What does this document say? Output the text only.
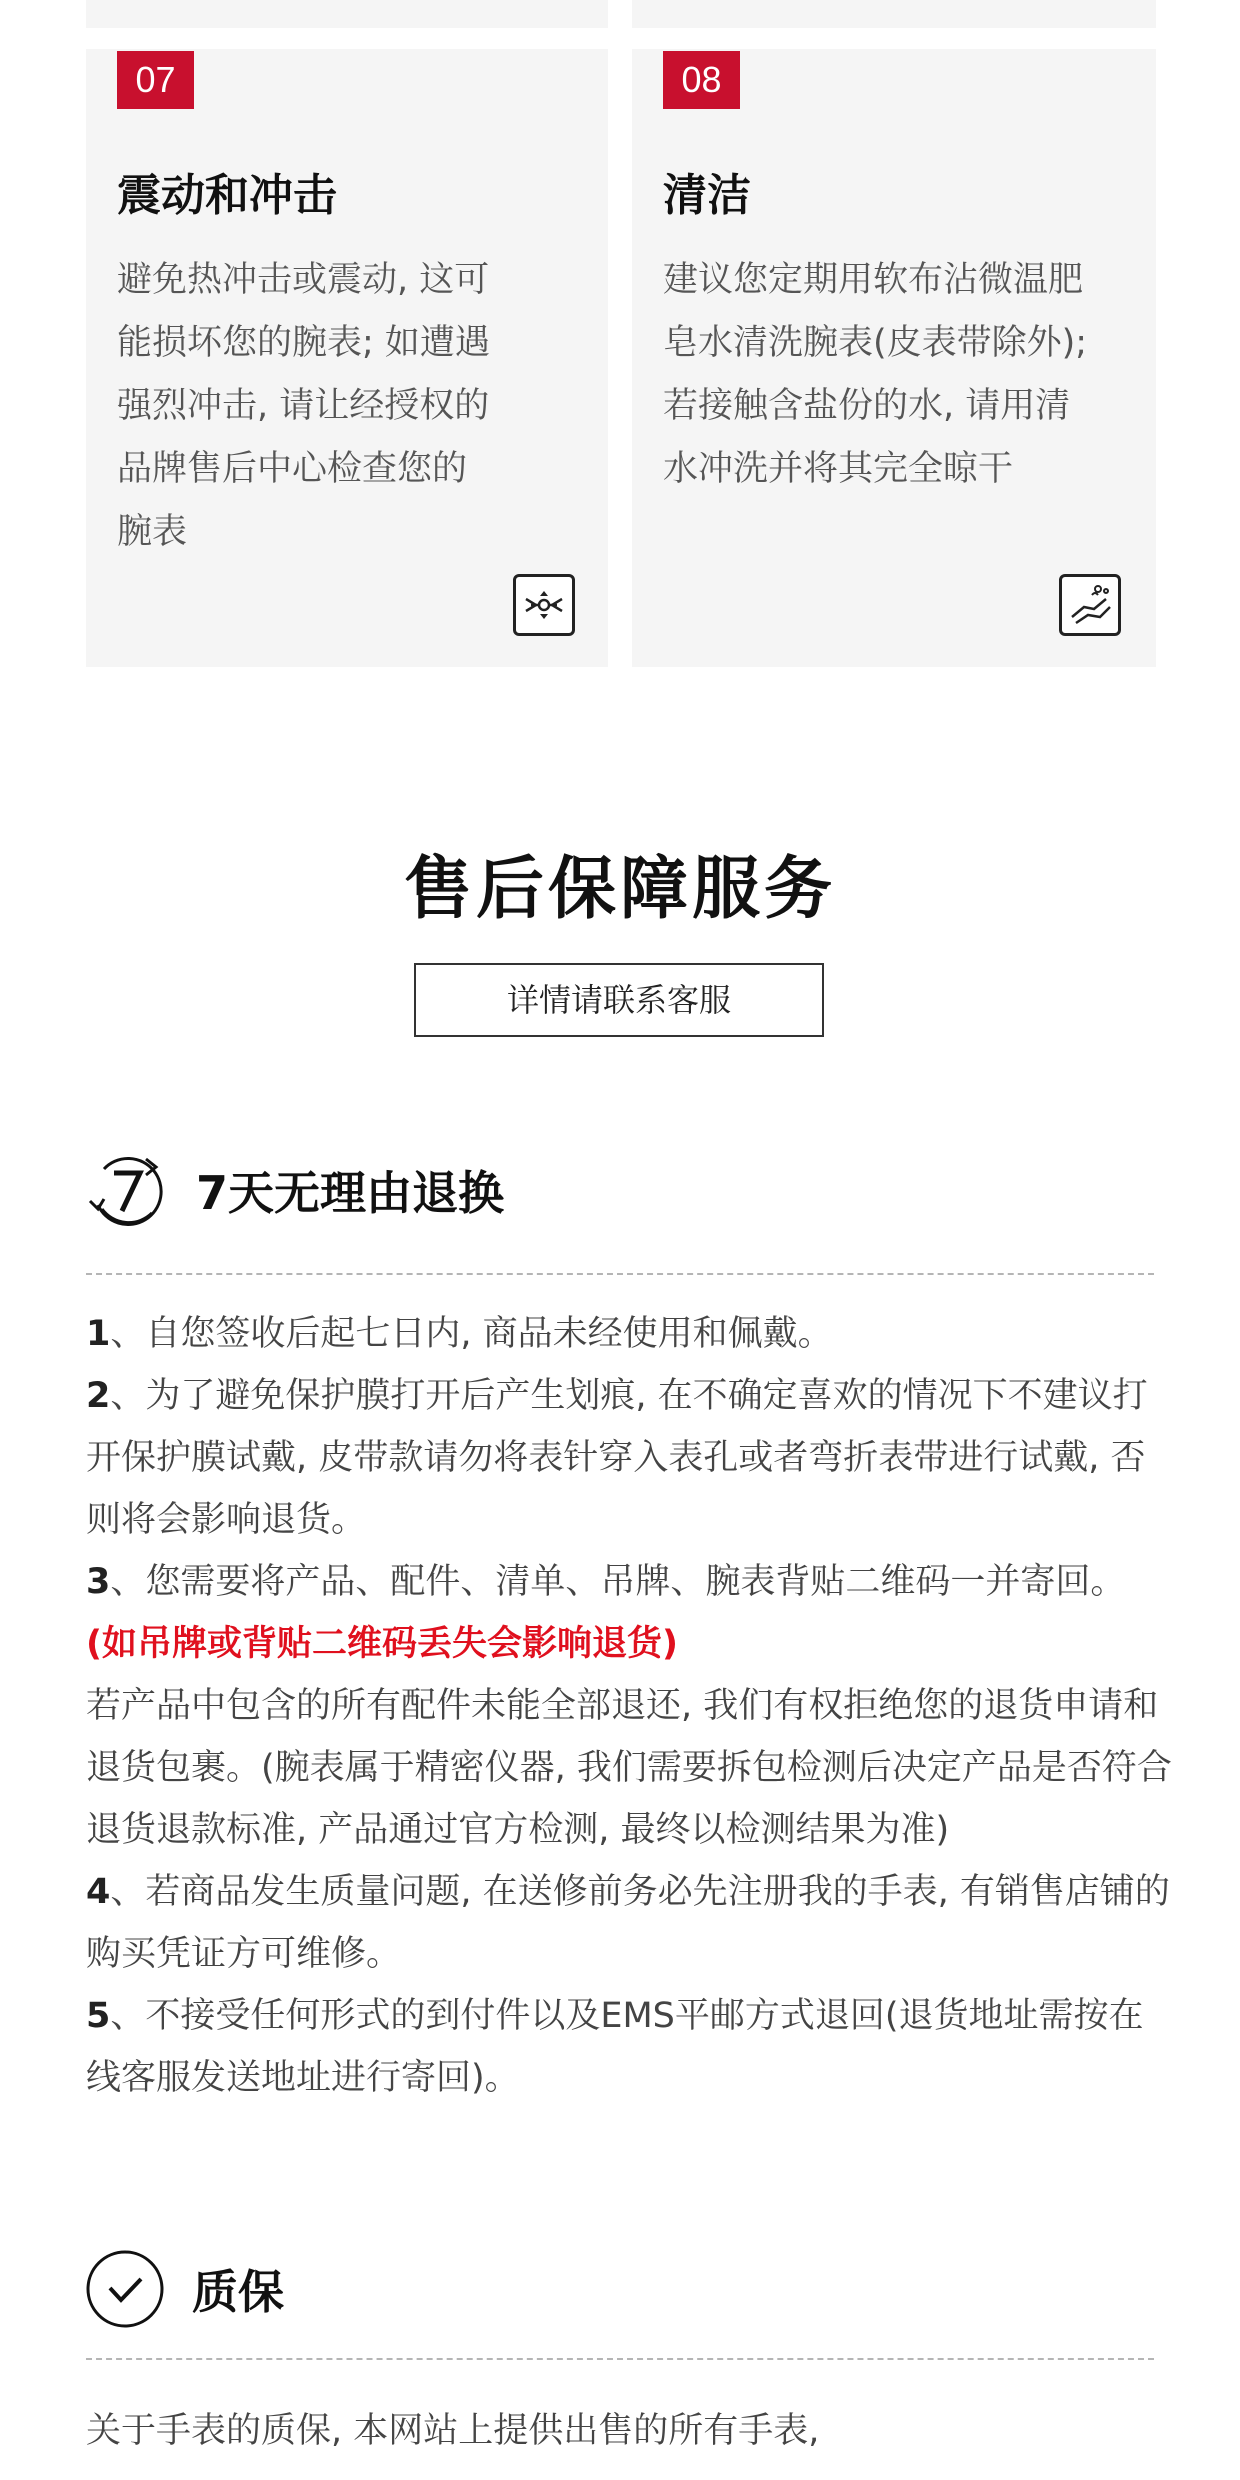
07
震动和冲击
避免热冲击或震动, 这可
能损坏您的腕表; 如遭遇
强烈冲击, 请让经授权的
品牌售后中心检查您的
腕表
08
清洁
建议您定期用软布沾微温肥
皂水清洗腕表(皮表带除外);
若接触含盐份的水, 请用清
水冲洗并将其完全晾干
售后保障服务
详情请联系客服
7天无理由退换

1、自您签收后起七日内, 商品未经使用和佩戴。

2、为了避免保护膜打开后产生划痕, 在不确定喜欢的情况下不建议打开保护膜试戴, 皮带款请勿将表针穿入表孔或者弯折表带进行试戴, 否则将会影响退货。

3、您需要将产品、配件、清单、吊牌、腕表背贴二维码一并寄回。

(如吊牌或背贴二维码丢失会影响退货)

若产品中包含的所有配件未能全部退还, 我们有权拒绝您的退货申请和退货包裹。(腕表属于精密仪器, 我们需要拆包检测后决定产品是否符合退货退款标准, 产品通过官方检测, 最终以检测结果为准)

4、若商品发生质量问题, 在送修前务必先注册我的手表, 有销售店铺的购买凭证方可维修。

5、不接受任何形式的到付件以及EMS平邮方式退回(退货地址需按在线客服发送地址进行寄回)。

质保

关于手表的质保, 本网站上提供出售的所有手表,
